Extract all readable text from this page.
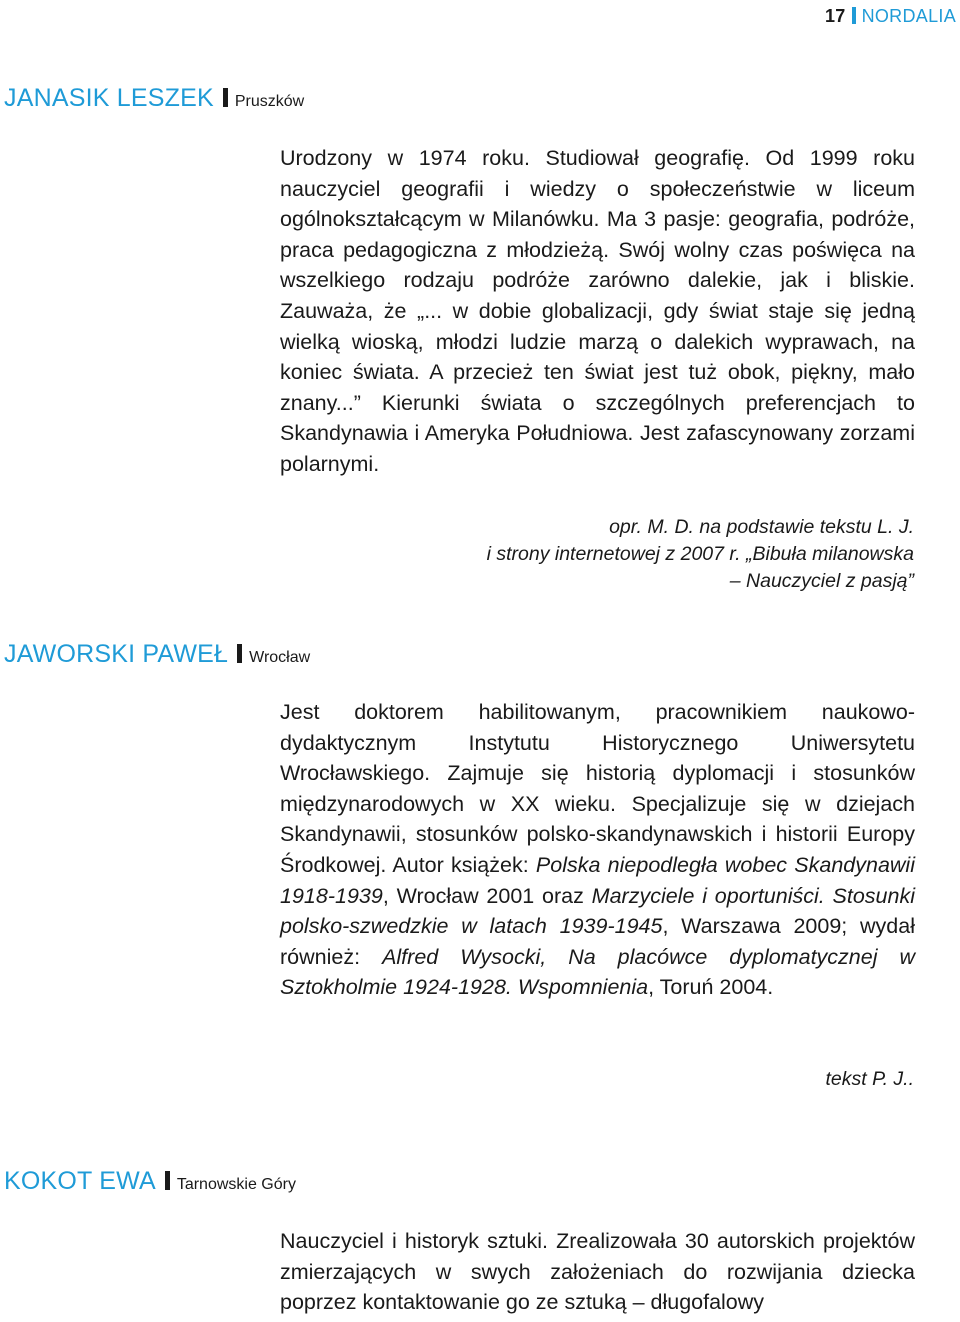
17 NORDALIA
JANASIK LESZEK Pruszków

Urodzony w 1974 roku. Studiował geografię. Od 1999 roku nauczyciel geografii i wiedzy o społeczeństwie w liceum ogólnokształcącym w Milanówku. Ma 3 pasje: geografia, podróże, praca pedagogiczna z młodzieżą. Swój wolny czas poświęca na wszelkiego rodzaju podróże zarówno dalekie, jak i bliskie. Zauważa, że „... w dobie globalizacji, gdy świat staje się jedną wielką wioską, młodzi ludzie marzą o dalekich wyprawach, na koniec świata. A przecież ten świat jest tuż obok, piękny, mało znany...” Kierunki świata o szczególnych preferencjach to Skandynawia i Ameryka Południowa. Jest zafascynowany zorzami polarnymi.

opr. M. D. na podstawie tekstu L. J.
i strony internetowej z 2007 r. „Bibuła milanowska
– Nauczyciel z pasją”
JAWORSKI PAWEŁ Wrocław

Jest doktorem habilitowanym, pracownikiem naukowo-dydaktycznym Instytutu Historycznego Uniwersytetu Wrocławskiego. Zajmuje się historią dyplomacji i stosunków międzynarodowych w XX wieku. Specjalizuje się w dziejach Skandynawii, stosunków polsko-skandynawskich i historii Europy Środkowej. Autor książek: Polska niepodległa wobec Skandynawii 1918-1939, Wrocław 2001 oraz Marzyciele i oportuniści. Stosunki polsko-szwedzkie w latach 1939-1945, Warszawa 2009; wydał również: Alfred Wysocki, Na placówce dyplomatycznej w Sztokholmie 1924-1928. Wspomnienia, Toruń 2004.

tekst P. J..
KOKOT EWA Tarnowskie Góry

Nauczyciel i historyk sztuki. Zrealizowała 30 autorskich projektów zmierzających w swych założeniach do rozwijania dziecka poprzez kontaktowanie go ze sztuką – długofalowy
